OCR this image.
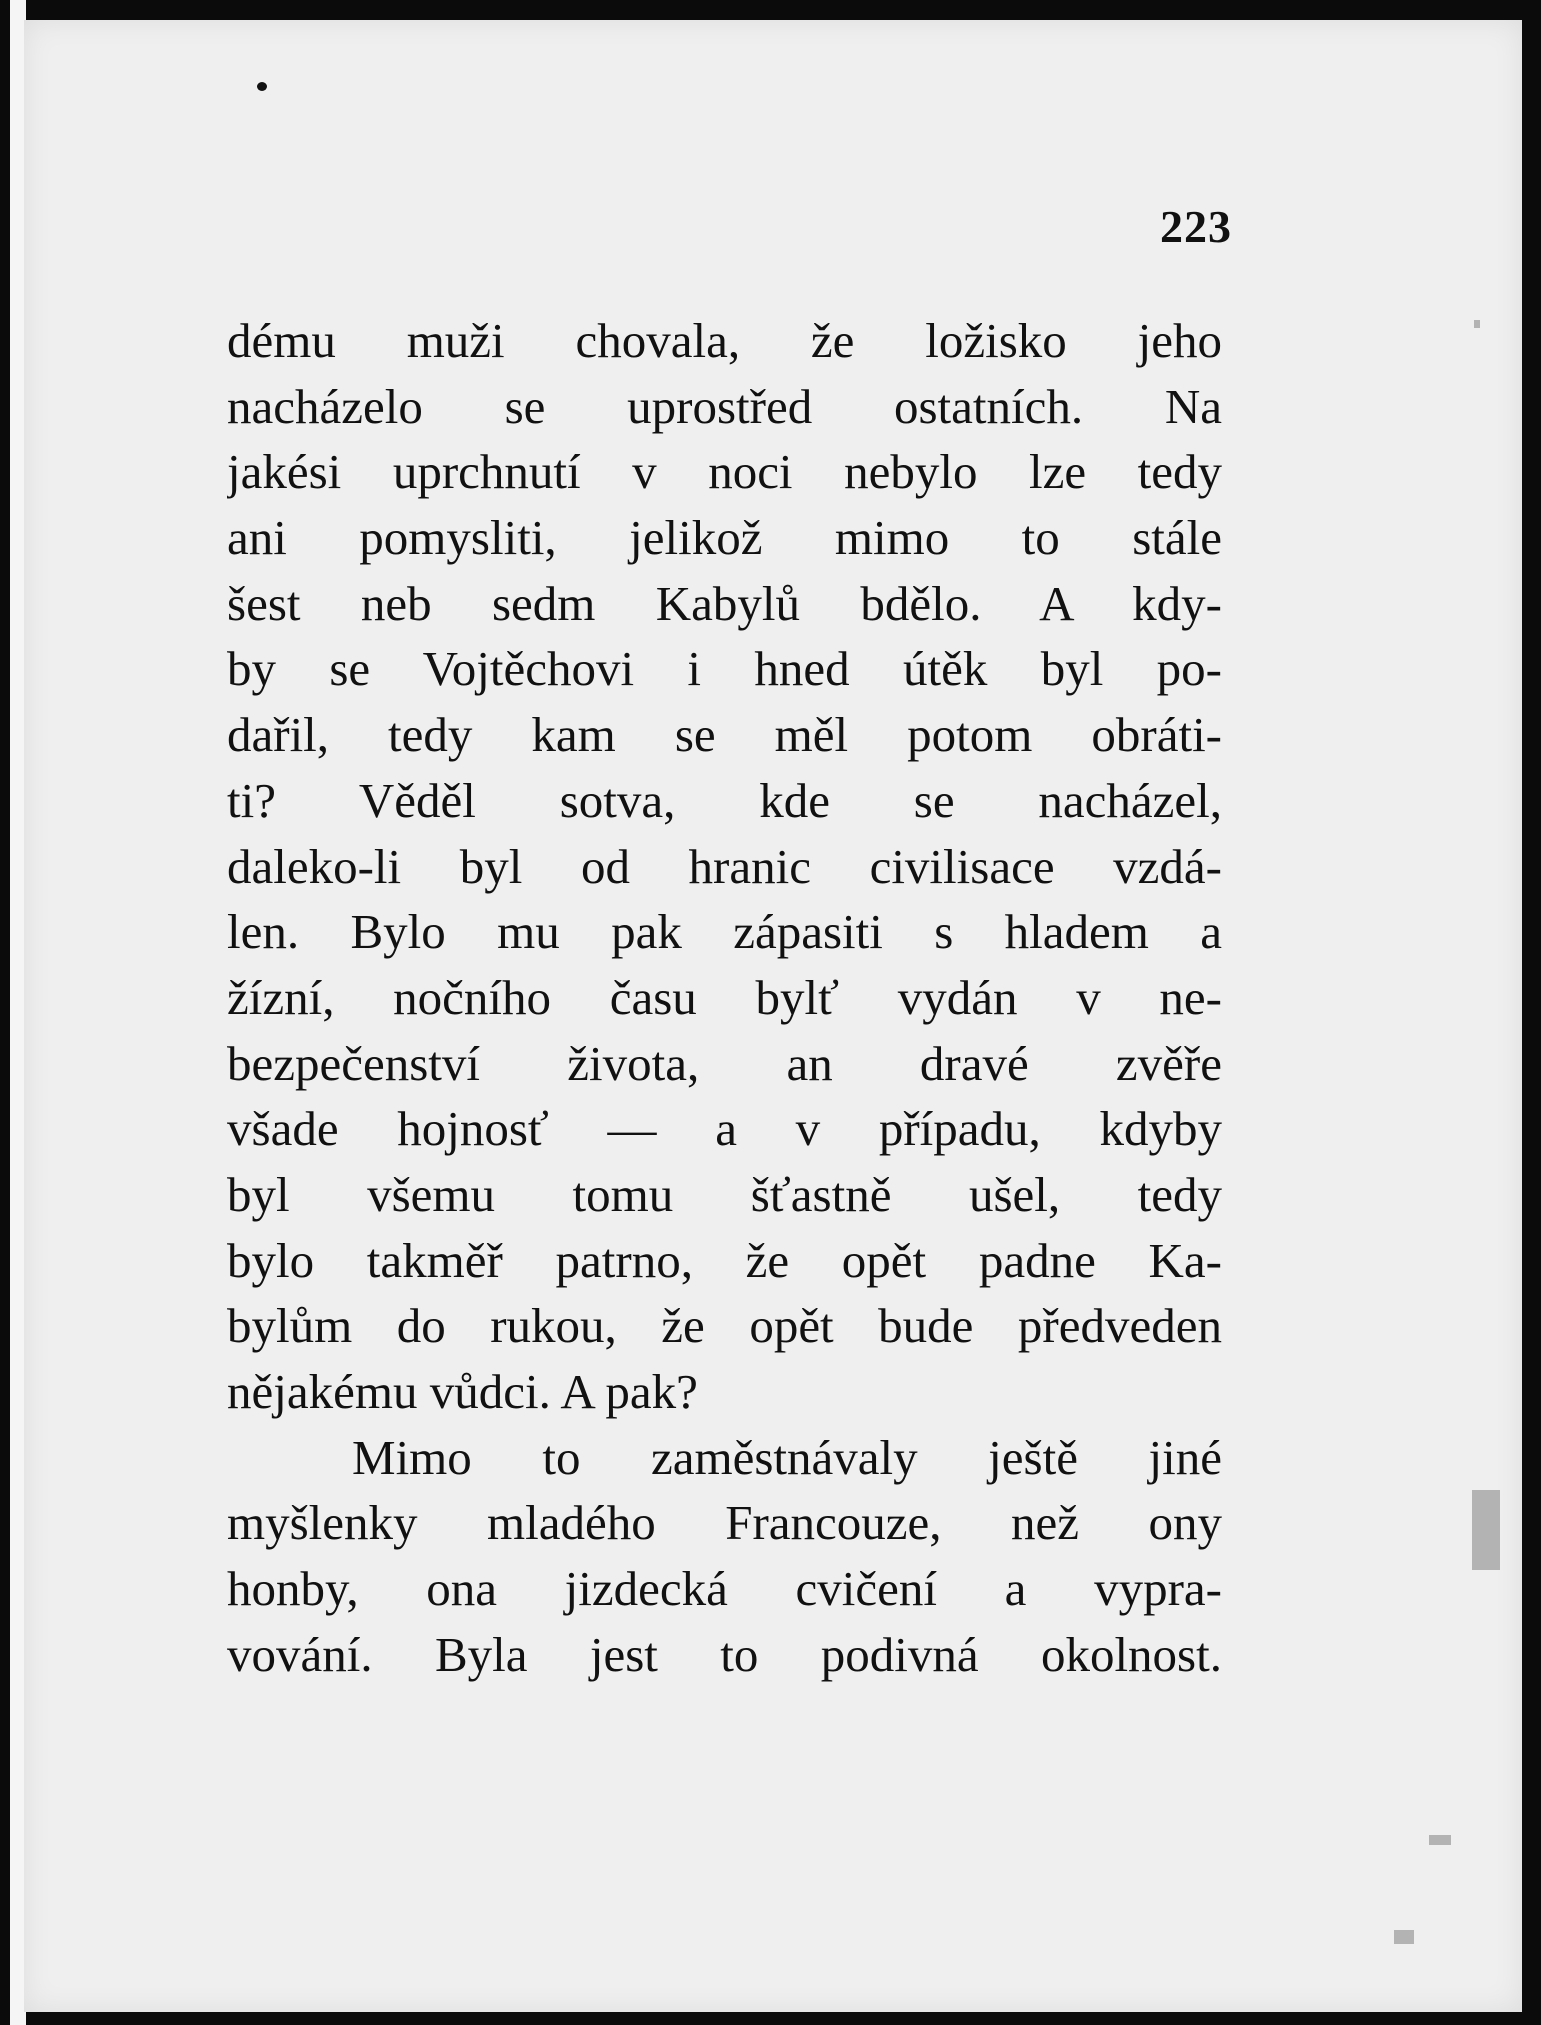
223
dému muži chovala, že ložisko jeho
nacházelo se uprostřed ostatních. Na
jakési uprchnutí v noci nebylo lze tedy
ani pomysliti, jelikož mimo to stále
šest neb sedm Kabylů bdělo. A kdy-
by se Vojtěchovi i hned útěk byl po-
dařil, tedy kam se měl potom obráti-
ti? Věděl sotva, kde se nacházel,
daleko-li byl od hranic civilisace vzdá-
len. Bylo mu pak zápasiti s hladem a
žízní, nočního času bylť vydán v ne-
bezpečenství života, an dravé zvěře
všade hojnosť — a v případu, kdyby
byl všemu tomu šťastně ušel, tedy
bylo takměř patrno, že opět padne Ka-
bylům do rukou, že opět bude předveden
nějakému vůdci. A pak?
Mimo to zaměstnávaly ještě jiné
myšlenky mladého Francouze, než ony
honby, ona jizdecká cvičení a vypra-
vování. Byla jest to podivná okolnost.
